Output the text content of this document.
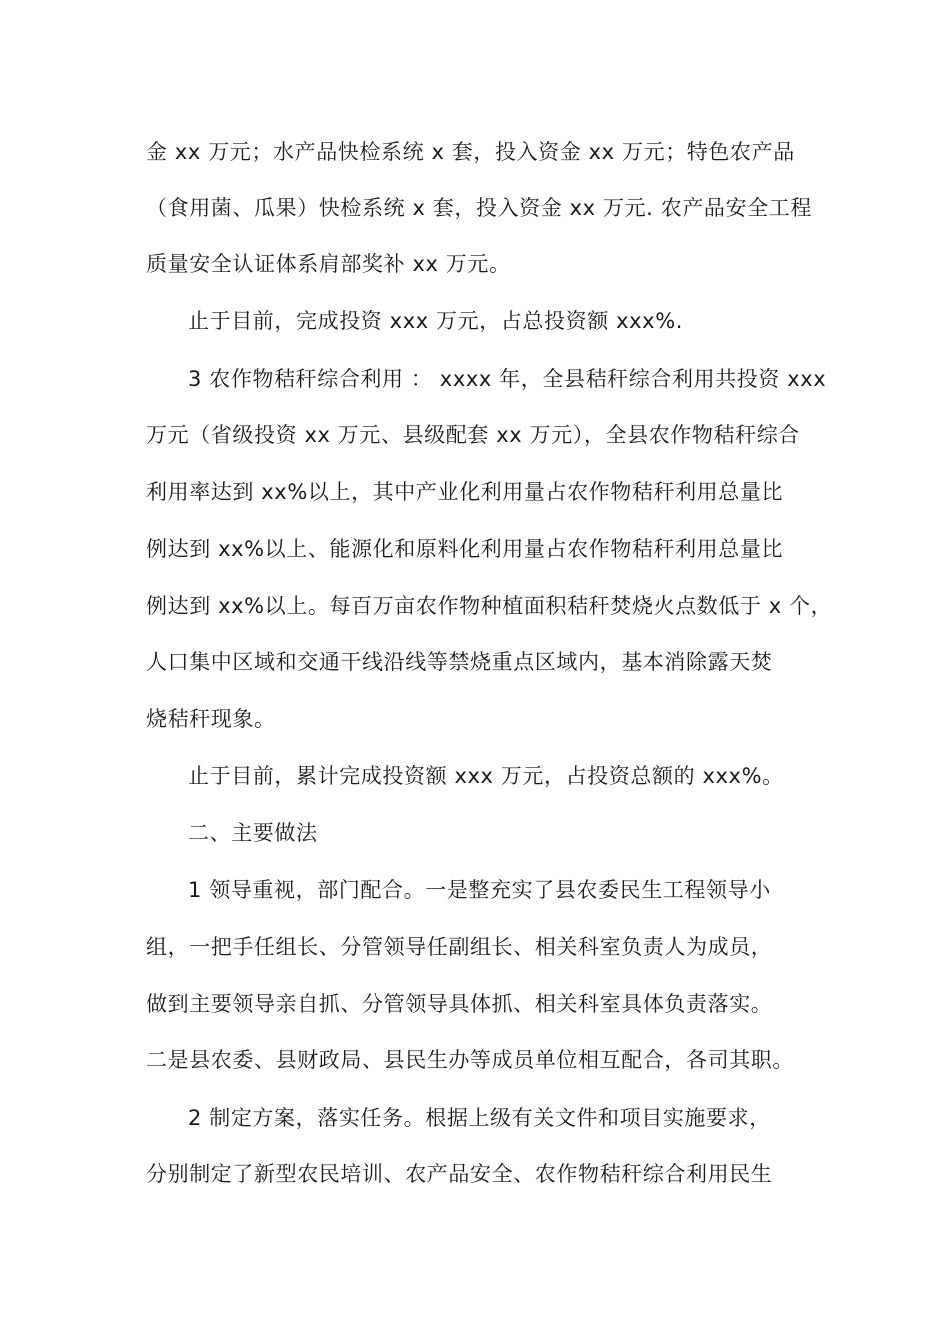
金 xx 万元；水产品快检系统 x 套，投入资金 xx 万元；特色农产品
（食用菌、瓜果）快检系统 x 套，投入资金 xx 万元. 农产品安全工程
质量安全认证体系肩部奖补 xx 万元。
止于目前，完成投资 xxx 万元，占总投资额 xxx%.
3 农作物秸秆综合利用 ： xxxx 年，全县秸秆综合利用共投资 xxx
万元（省级投资 xx 万元、县级配套 xx 万元），全县农作物秸秆综合
利用率达到 xx%以上，其中产业化利用量占农作物秸秆利用总量比
例达到 xx%以上、能源化和原料化利用量占农作物秸秆利用总量比
例达到 xx%以上。每百万亩农作物种植面积秸秆焚烧火点数低于 x 个，
人口集中区域和交通干线沿线等禁烧重点区域内，基本消除露天焚
烧秸秆现象。
止于目前，累计完成投资额 xxx 万元，占投资总额的 xxx%。
二、主要做法
1 领导重视，部门配合。一是整充实了县农委民生工程领导小
组，一把手任组长、分管领导任副组长、相关科室负责人为成员，
做到主要领导亲自抓、分管领导具体抓、相关科室具体负责落实。
二是县农委、县财政局、县民生办等成员单位相互配合，各司其职。
2 制定方案，落实任务。根据上级有关文件和项目实施要求，
分别制定了新型农民培训、农产品安全、农作物秸秆综合利用民生
